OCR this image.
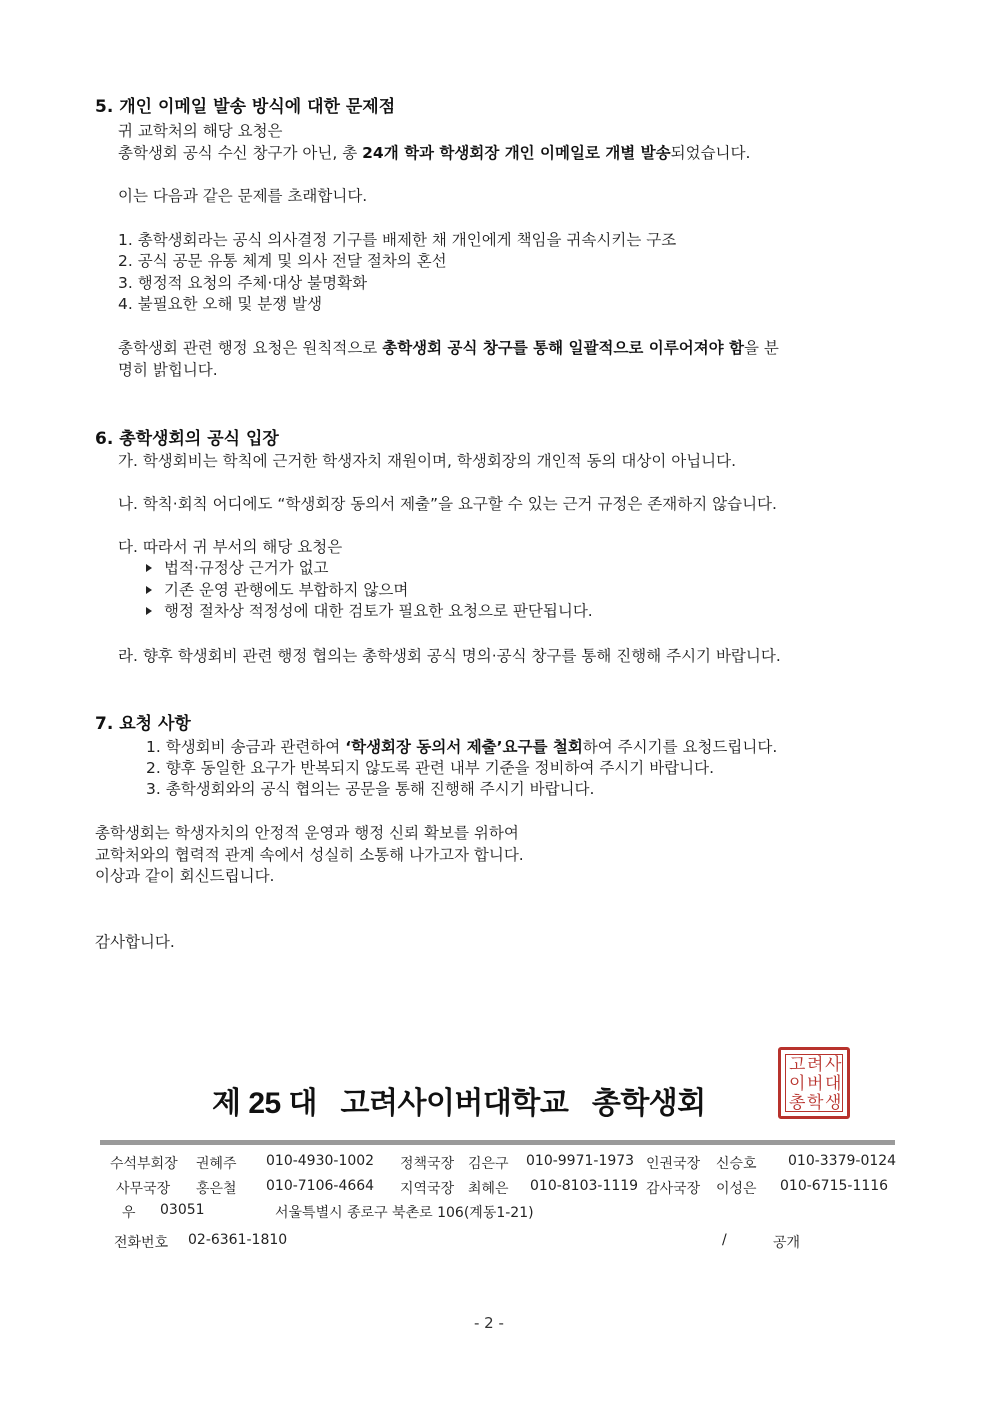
5. 개인 이메일 발송 방식에 대한 문제점
귀 교학처의 해당 요청은
총학생회 공식 수신 창구가 아닌, 총 24개 학과 학생회장 개인 이메일로 개별 발송되었습니다.
이는 다음과 같은 문제를 초래합니다.
1. 총학생회라는 공식 의사결정 기구를 배제한 채 개인에게 책임을 귀속시키는 구조
2. 공식 공문 유통 체계 및 의사 전달 절차의 혼선
3. 행정적 요청의 주체·대상 불명확화
4. 불필요한 오해 및 분쟁 발생
총학생회 관련 행정 요청은 원칙적으로 총학생회 공식 창구를 통해 일괄적으로 이루어져야 함을 분
명히 밝힙니다.
6. 총학생회의 공식 입장
가. 학생회비는 학칙에 근거한 학생자치 재원이며, 학생회장의 개인적 동의 대상이 아닙니다.
나. 학칙·회칙 어디에도 “학생회장 동의서 제출”을 요구할 수 있는 근거 규정은 존재하지 않습니다.
다. 따라서 귀 부서의 해당 요청은
법적·규정상 근거가 없고
기존 운영 관행에도 부합하지 않으며
행정 절차상 적정성에 대한 검토가 필요한 요청으로 판단됩니다.
라. 향후 학생회비 관련 행정 협의는 총학생회 공식 명의·공식 창구를 통해 진행해 주시기 바랍니다.
7. 요청 사항
1. 학생회비 송금과 관련하여 ‘학생회장 동의서 제출’요구를 철회하여 주시기를 요청드립니다.
2. 향후 동일한 요구가 반복되지 않도록 관련 내부 기준을 정비하여 주시기 바랍니다.
3. 총학생회와의 공식 협의는 공문을 통해 진행해 주시기 바랍니다.
총학생회는 학생자치의 안정적 운영과 행정 신뢰 확보를 위하여
교학처와의 협력적 관계 속에서 성실히 소통해 나가고자 합니다.
이상과 같이 회신드립니다.
감사합니다.
제 25 대   고려사이버대학교   총학생회
고 려 사
이 버 대
총 학 생
수석부회장 권혜주 010-4930-1002 정책국장 김은구 010-9971-1973 인권국장 신승호 010-3379-0124
사무국장 홍은철 010-7106-4664 지역국장 최혜은 010-8103-1119 감사국장 이성은 010-6715-1116
우 03051	서울특별시 종로구 북촌로 106(계동1-21)
전화번호 02-6361-1810	/	공개
- 2 -
